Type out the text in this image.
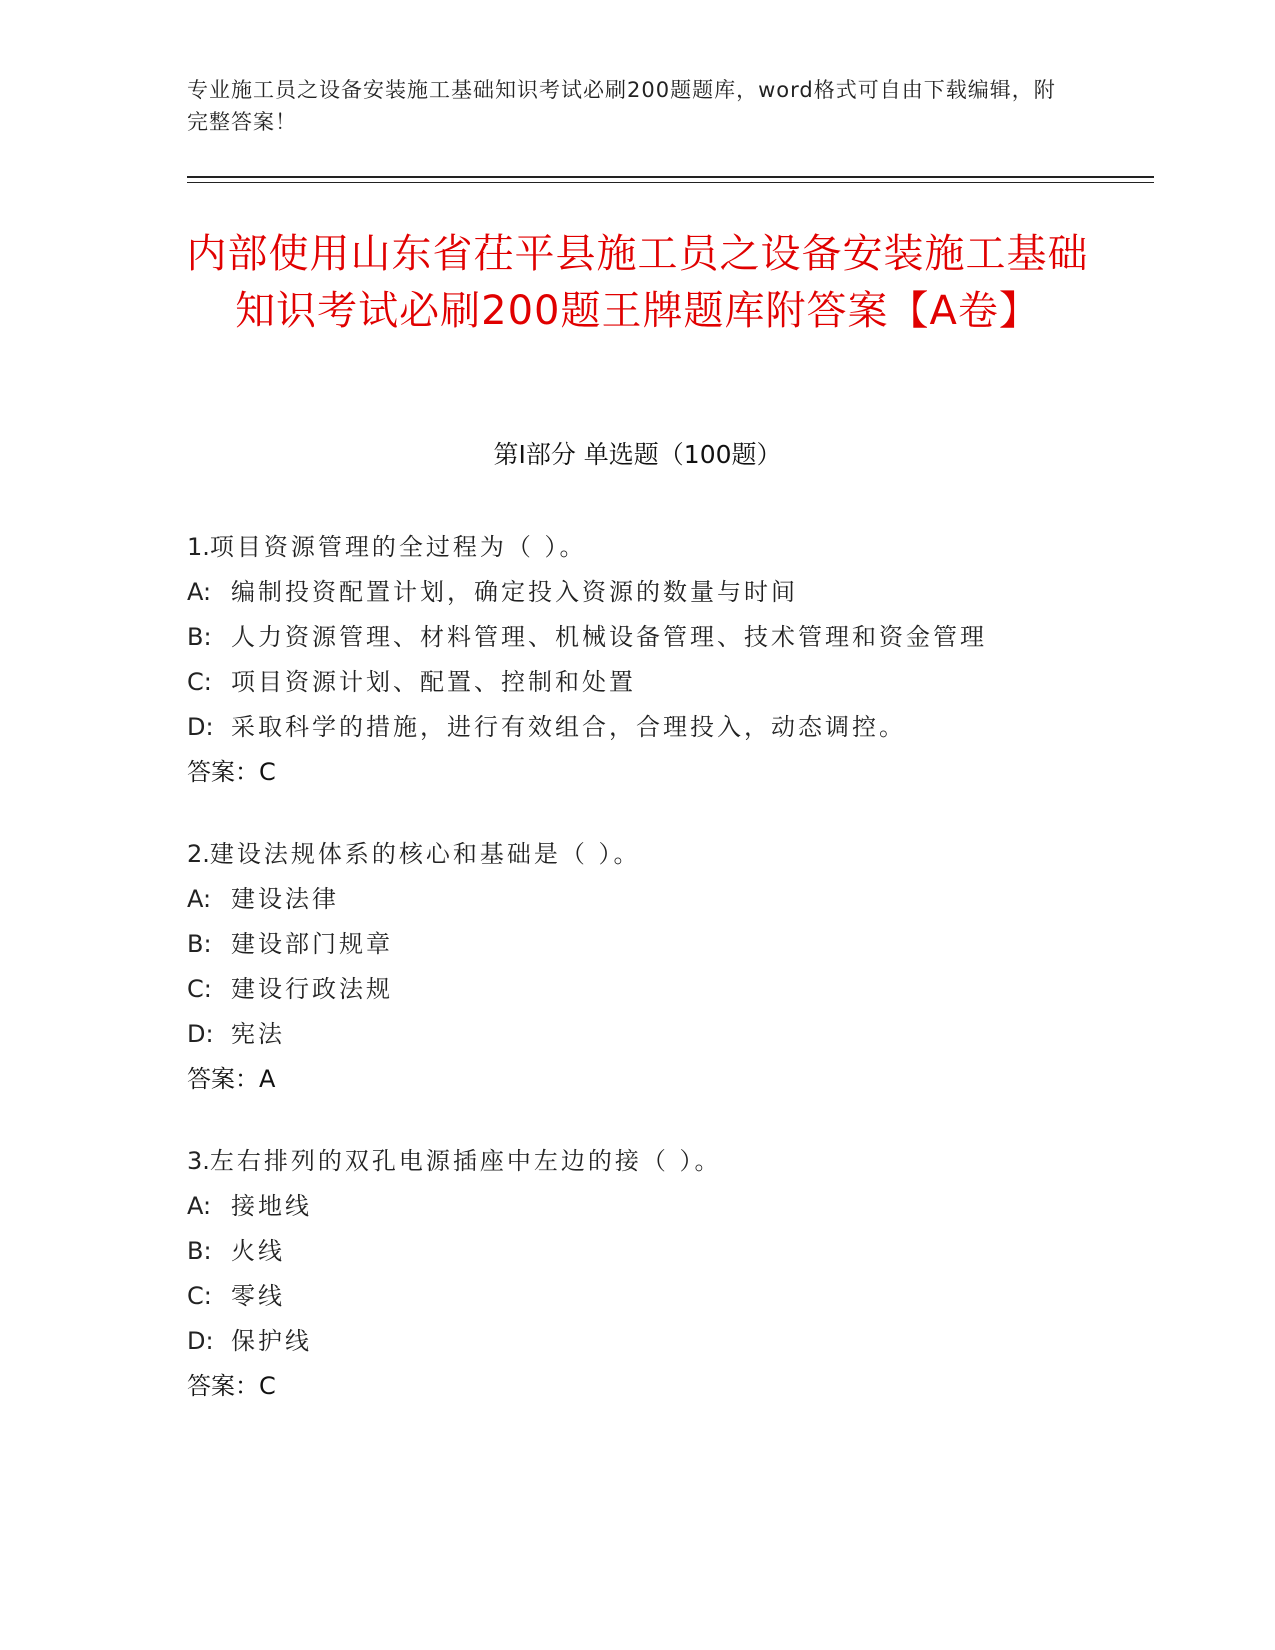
专业施工员之设备安装施工基础知识考试必刷200题题库，word格式可自由下载编辑，附完整答案！
内部使用山东省茌平县施工员之设备安装施工基础知识考试必刷200题王牌题库附答案【A卷】
第Ⅰ部分 单选题（100题）
1.项目资源管理的全过程为（ ）。
A: 编制投资配置计划，确定投入资源的数量与时间
B: 人力资源管理、材料管理、机械设备管理、技术管理和资金管理
C: 项目资源计划、配置、控制和处置
D: 采取科学的措施，进行有效组合，合理投入，动态调控。
答案：C
2.建设法规体系的核心和基础是（ ）。
A: 建设法律
B: 建设部门规章
C: 建设行政法规
D: 宪法
答案：A
3.左右排列的双孔电源插座中左边的接（ ）。
A: 接地线
B: 火线
C: 零线
D: 保护线
答案：C
